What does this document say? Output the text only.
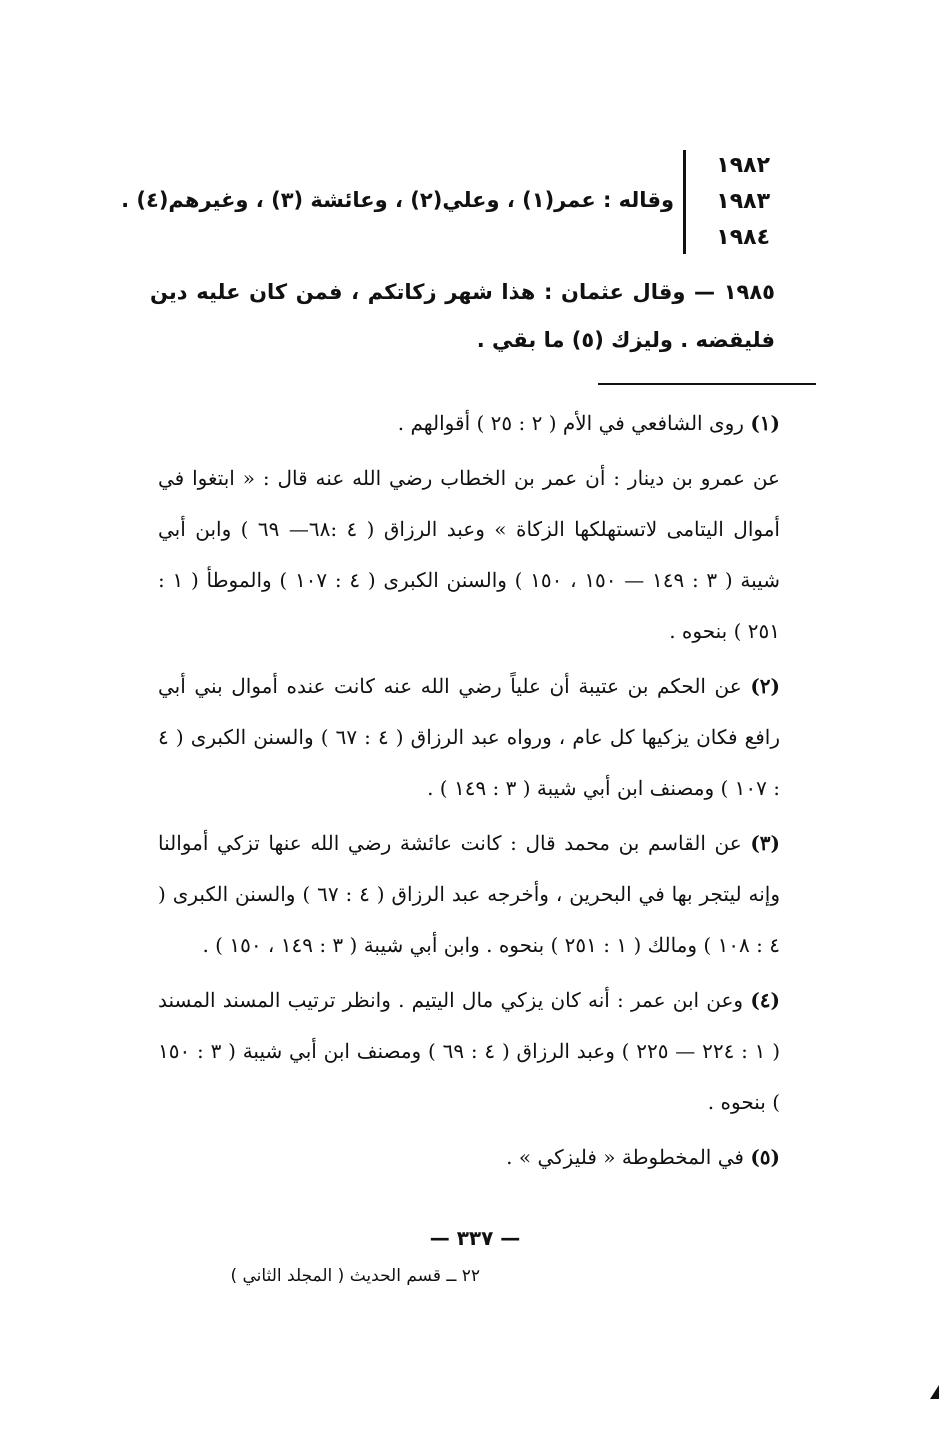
١٩٨٢
١٩٨٣
١٩٨٤
وقاله : عمر(١) ، وعلي(٢) ، وعائشة (٣) ، وغيرهم(٤) .
١٩٨٥ — وقال عثمان : هذا شهر زكاتكم ، فمن كان عليه دين فليقضه . وليزك (٥) ما بقي .

(١) روى الشافعي في الأم ( ٢ : ٢٥ ) أقوالهم .

عن عمرو بن دينار : أن عمر بن الخطاب رضي الله عنه قال : « ابتغوا في أموال اليتامى لاتستهلكها الزكاة » وعبد الرزاق ( ٤ :٦٨— ٦٩ ) وابن أبي شيبة ( ٣ : ١٤٩ — ١٥٠ ، ١٥٠ ) والسنن الكبرى ( ٤ : ١٠٧ ) والموطأ ( ١ : ٢٥١ ) بنحوه .

(٢) عن الحكم بن عتيبة أن علياً رضي الله عنه كانت عنده أموال بني أبي رافع فكان يزكيها كل عام ، ورواه عبد الرزاق ( ٤ : ٦٧ ) والسنن الكبرى ( ٤ : ١٠٧ ) ومصنف ابن أبي شيبة ( ٣ : ١٤٩ ) .

(٣) عن القاسم بن محمد قال : كانت عائشة رضي الله عنها تزكي أموالنا وإنه ليتجر بها في البحرين ، وأخرجه عبد الرزاق ( ٤ : ٦٧ ) والسنن الكبرى ( ٤ : ١٠٨ ) ومالك ( ١ : ٢٥١ ) بنحوه . وابن أبي شيبة ( ٣ : ١٤٩ ، ١٥٠ ) .

(٤) وعن ابن عمر : أنه كان يزكي مال اليتيم . وانظر ترتيب المسند المسند ( ١ : ٢٢٤ — ٢٢٥ ) وعبد الرزاق ( ٤ : ٦٩ ) ومصنف ابن أبي شيبة ( ٣ : ١٥٠ ) بنحوه .

(٥) في المخطوطة « فليزكي » .

— ٣٣٧ —
٢٢ ــ قسم الحديث ( المجلد الثاني )
